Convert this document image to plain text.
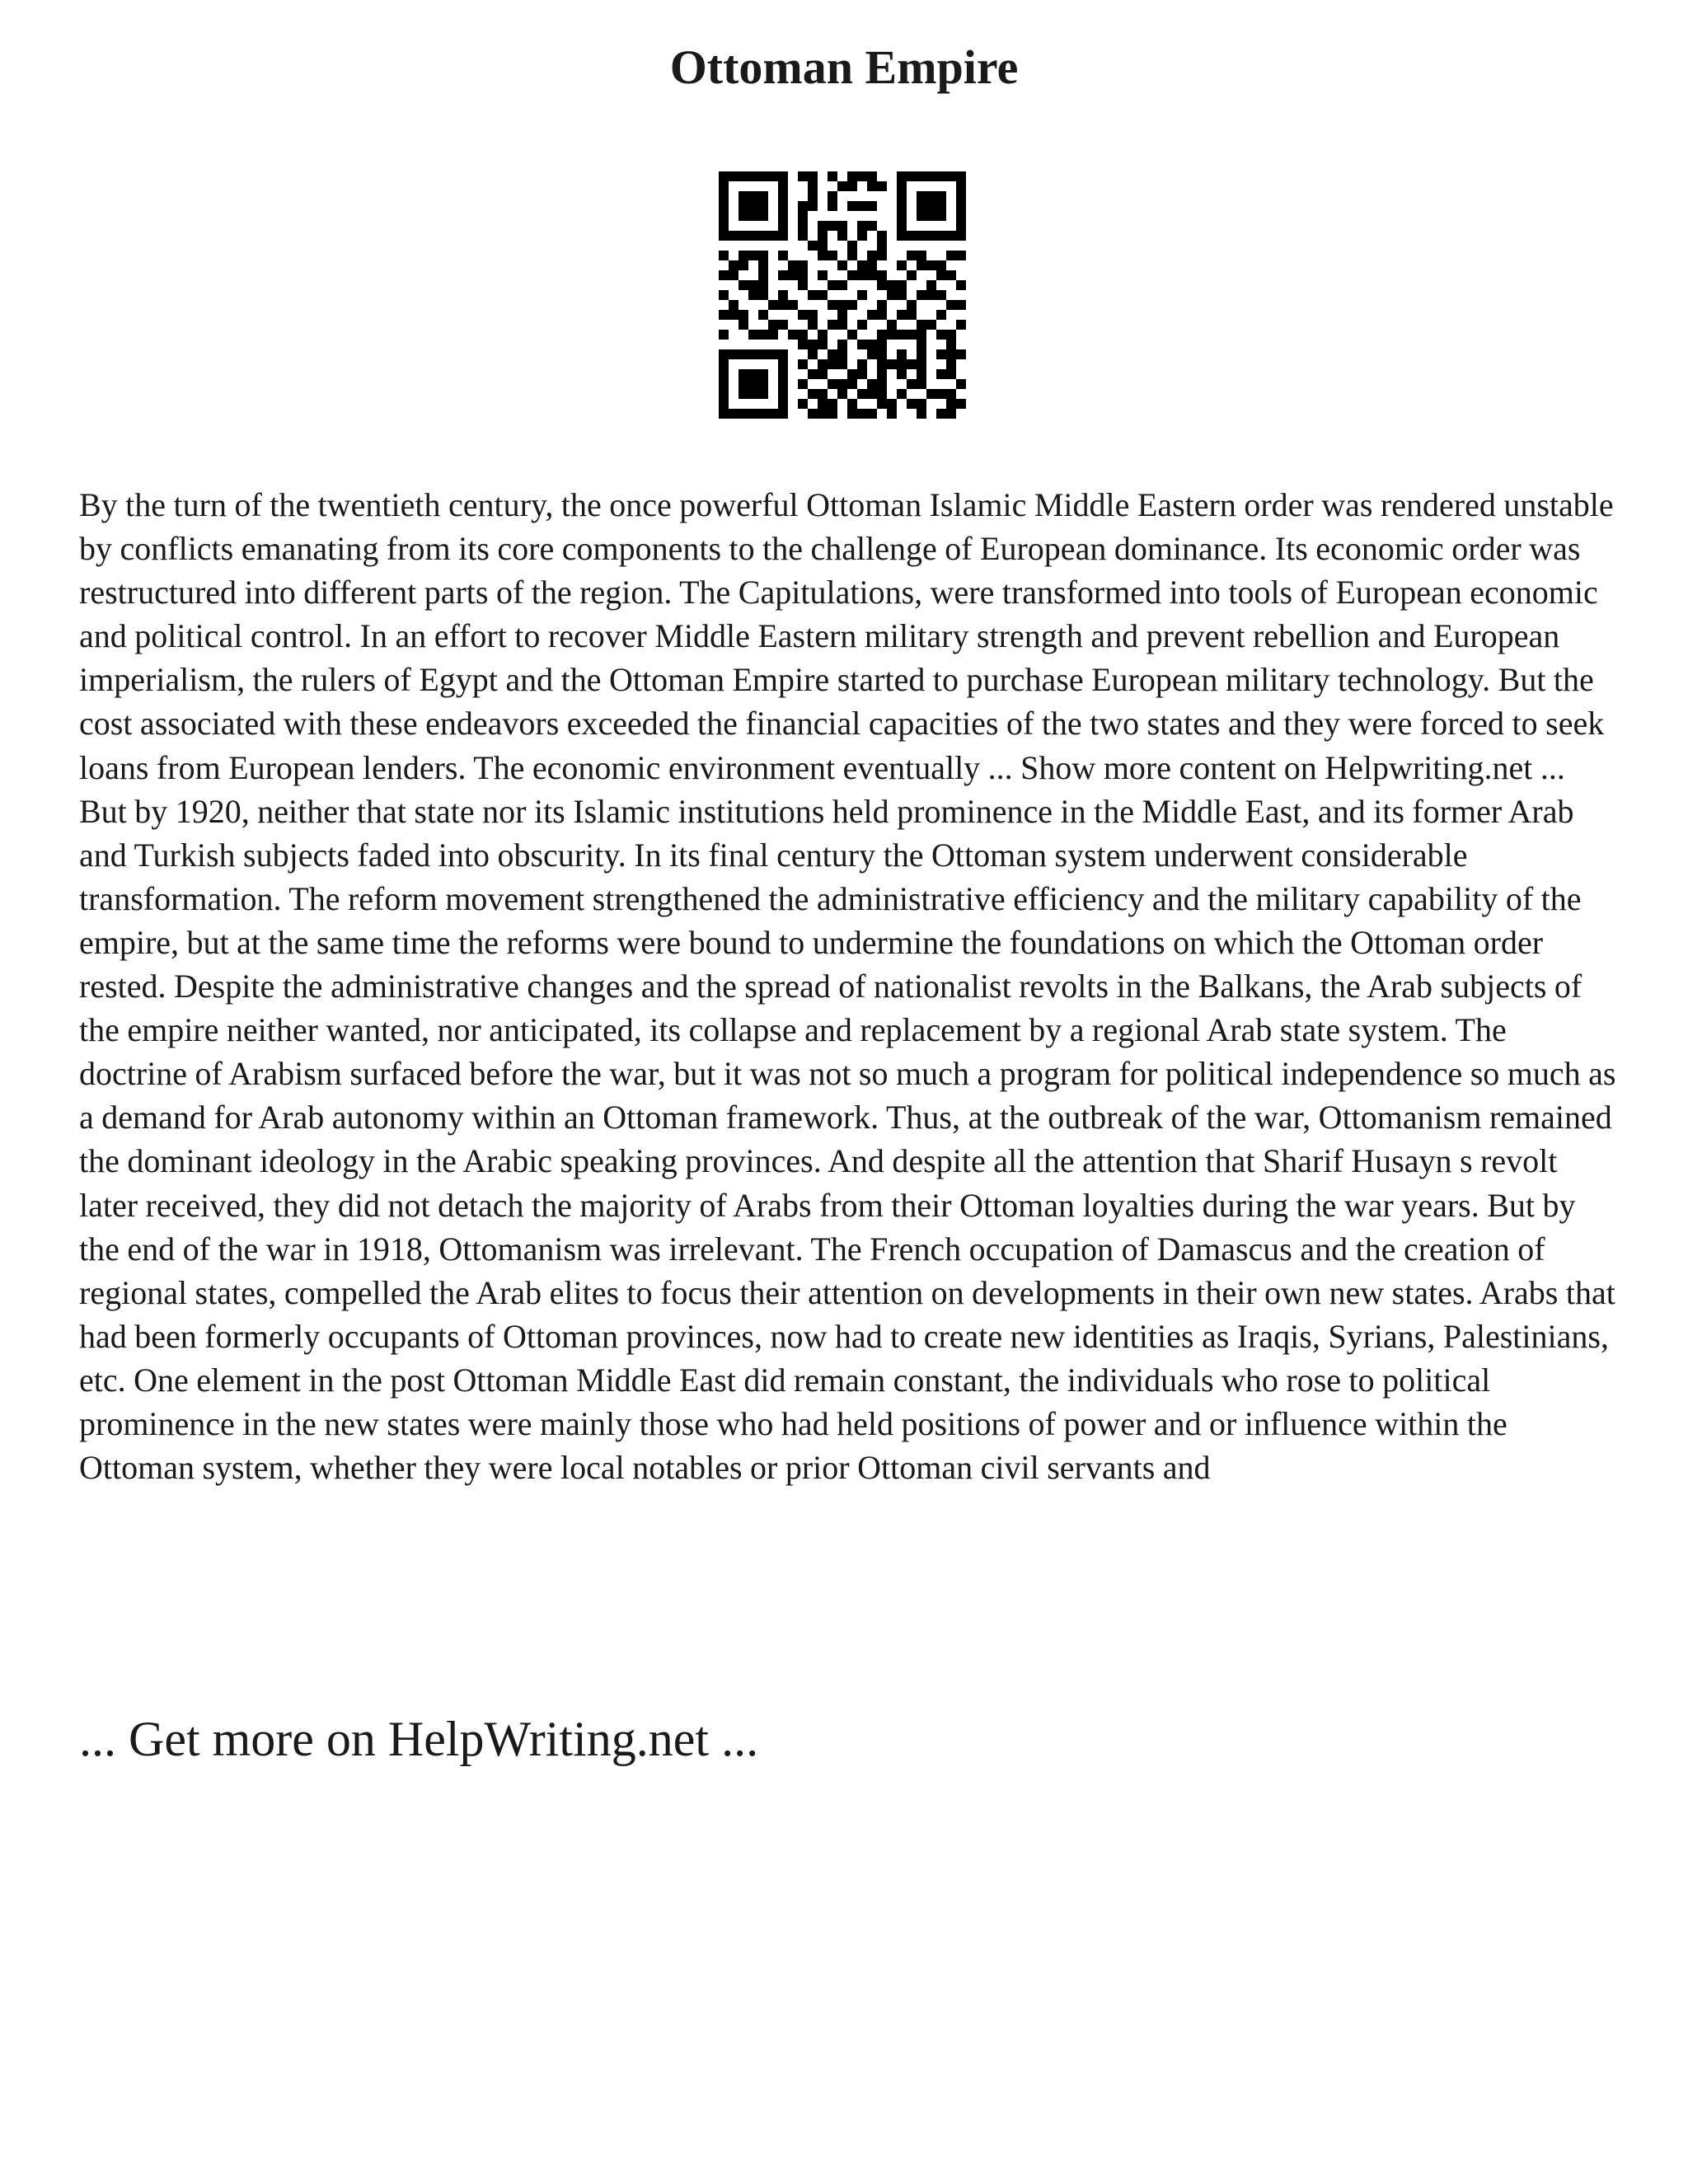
Ottoman Empire

By the turn of the twentieth century, the once powerful Ottoman Islamic Middle Eastern order was rendered unstable by conflicts emanating from its core components to the challenge of European dominance. Its economic order was restructured into different parts of the region. The Capitulations, were transformed into tools of European economic and political control. In an effort to recover Middle Eastern military strength and prevent rebellion and European imperialism, the rulers of Egypt and the Ottoman Empire started to purchase European military technology. But the cost associated with these endeavors exceeded the financial capacities of the two states and they were forced to seek loans from European lenders. The economic environment eventually ... Show more content on Helpwriting.net ... But by 1920, neither that state nor its Islamic institutions held prominence in the Middle East, and its former Arab and Turkish subjects faded into obscurity. In its final century the Ottoman system underwent considerable transformation. The reform movement strengthened the administrative efficiency and the military capability of the empire, but at the same time the reforms were bound to undermine the foundations on which the Ottoman order rested. Despite the administrative changes and the spread of nationalist revolts in the Balkans, the Arab subjects of the empire neither wanted, nor anticipated, its collapse and replacement by a regional Arab state system. The doctrine of Arabism surfaced before the war, but it was not so much a program for political independence so much as a demand for Arab autonomy within an Ottoman framework. Thus, at the outbreak of the war, Ottomanism remained the dominant ideology in the Arabic speaking provinces. And despite all the attention that Sharif Husayn s revolt later received, they did not detach the majority of Arabs from their Ottoman loyalties during the war years. But by the end of the war in 1918, Ottomanism was irrelevant. The French occupation of Damascus and the creation of regional states, compelled the Arab elites to focus their attention on developments in their own new states. Arabs that had been formerly occupants of Ottoman provinces, now had to create new identities as Iraqis, Syrians, Palestinians, etc. One element in the post Ottoman Middle East did remain constant, the individuals who rose to political prominence in the new states were mainly those who had held positions of power and or influence within the Ottoman system, whether they were local notables or prior Ottoman civil servants and

... Get more on HelpWriting.net ...
